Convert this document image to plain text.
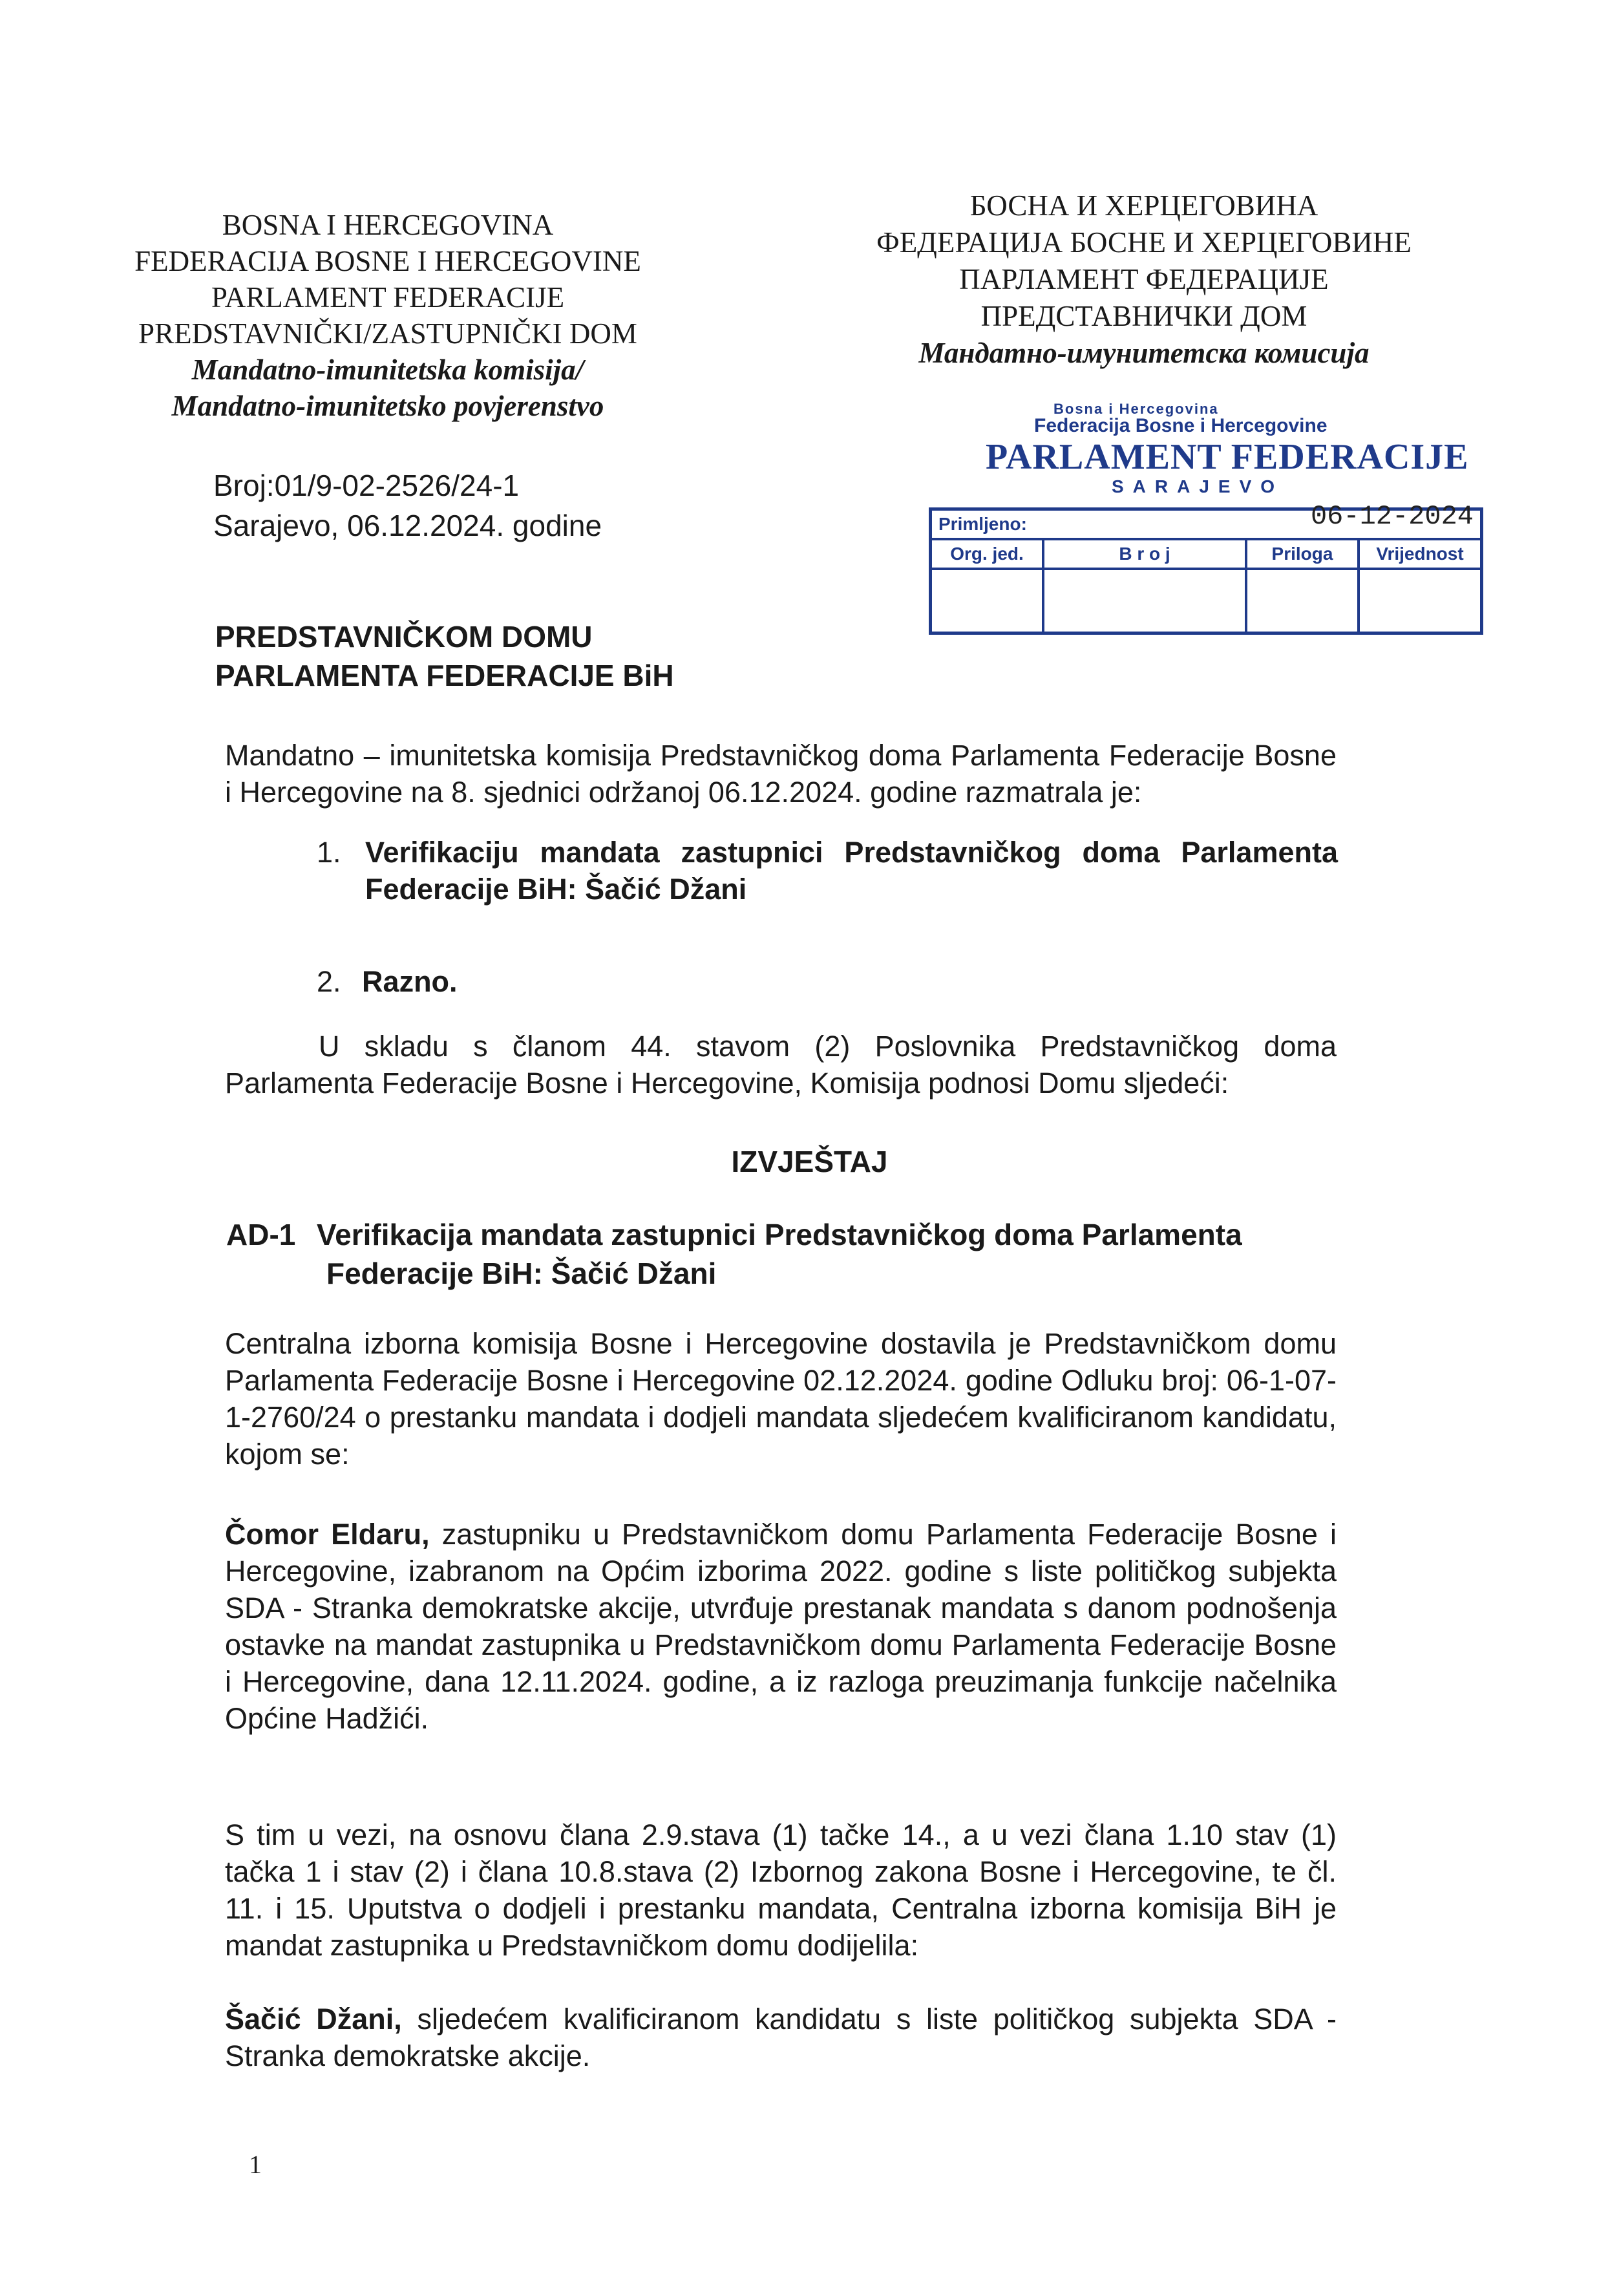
BOSNA I HERCEGOVINA
FEDERACIJA BOSNE I HERCEGOVINE
PARLAMENT FEDERACIJE
PREDSTAVNIČKI/ZASTUPNIČKI DOM
Mandatno-imunitetska komisija/
Mandatno-imunitetsko povjerenstvo
БОСНА И ХЕРЦЕГОВИНА
ФЕДЕРАЦИЈА БОСНЕ И ХЕРЦЕГОВИНЕ
ПАРЛАМЕНТ ФЕДЕРАЦИЈЕ
ПРЕДСТАВНИЧКИ ДОМ
Мандатно-имунитетска комисија
Broj:01/9-02-2526/24-1
Sarajevo, 06.12.2024. godine
Bosna i Hercegovina
Federacija Bosne i Hercegovine
PARLAMENT FEDERACIJE
SARAJEVO
Primljeno: 06-12-2024			

Org. jed.	B r o j	Priloga	Vrijednost

PREDSTAVNIČKOM DOMU
PARLAMENTA FEDERACIJE BiH
Mandatno – imunitetska komisija Predstavničkog doma Parlamenta Federacije Bosne i Hercegovine na 8. sjednici održanoj 06.12.2024. godine razmatrala je:
1. Verifikaciju mandata zastupnici Predstavničkog doma Parlamenta Federacije BiH: Šačić Džani
2. Razno.
U skladu s članom 44. stavom (2) Poslovnika Predstavničkog doma Parlamenta Federacije Bosne i Hercegovine, Komisija podnosi Domu sljedeći:
IZVJEŠTAJ
AD-1 Verifikacija mandata zastupnici Predstavničkog doma Parlamenta
Federacije BiH: Šačić Džani
Centralna izborna komisija Bosne i Hercegovine dostavila je Predstavničkom domu Parlamenta Federacije Bosne i Hercegovine 02.12.2024. godine Odluku broj: 06-1-07-1-2760/24 o prestanku mandata i dodjeli mandata sljedećem kvalificiranom kandidatu, kojom se:
Čomor Eldaru, zastupniku u Predstavničkom domu Parlamenta Federacije Bosne i Hercegovine, izabranom na Općim izborima 2022. godine s liste političkog subjekta SDA - Stranka demokratske akcije, utvrđuje prestanak mandata s danom podnošenja ostavke na mandat zastupnika u Predstavničkom domu Parlamenta Federacije Bosne i Hercegovine, dana 12.11.2024. godine, a iz razloga preuzimanja funkcije načelnika Općine Hadžići.
S tim u vezi, na osnovu člana 2.9.stava (1) tačke 14., a u vezi člana 1.10 stav (1) tačka 1 i stav (2) i člana 10.8.stava (2) Izbornog zakona Bosne i Hercegovine, te čl. 11. i 15. Uputstva o dodjeli i prestanku mandata, Centralna izborna komisija BiH je mandat zastupnika u Predstavničkom domu dodijelila:
Šačić Džani, sljedećem kvalificiranom kandidatu s liste političkog subjekta SDA -Stranka demokratske akcije.
1
